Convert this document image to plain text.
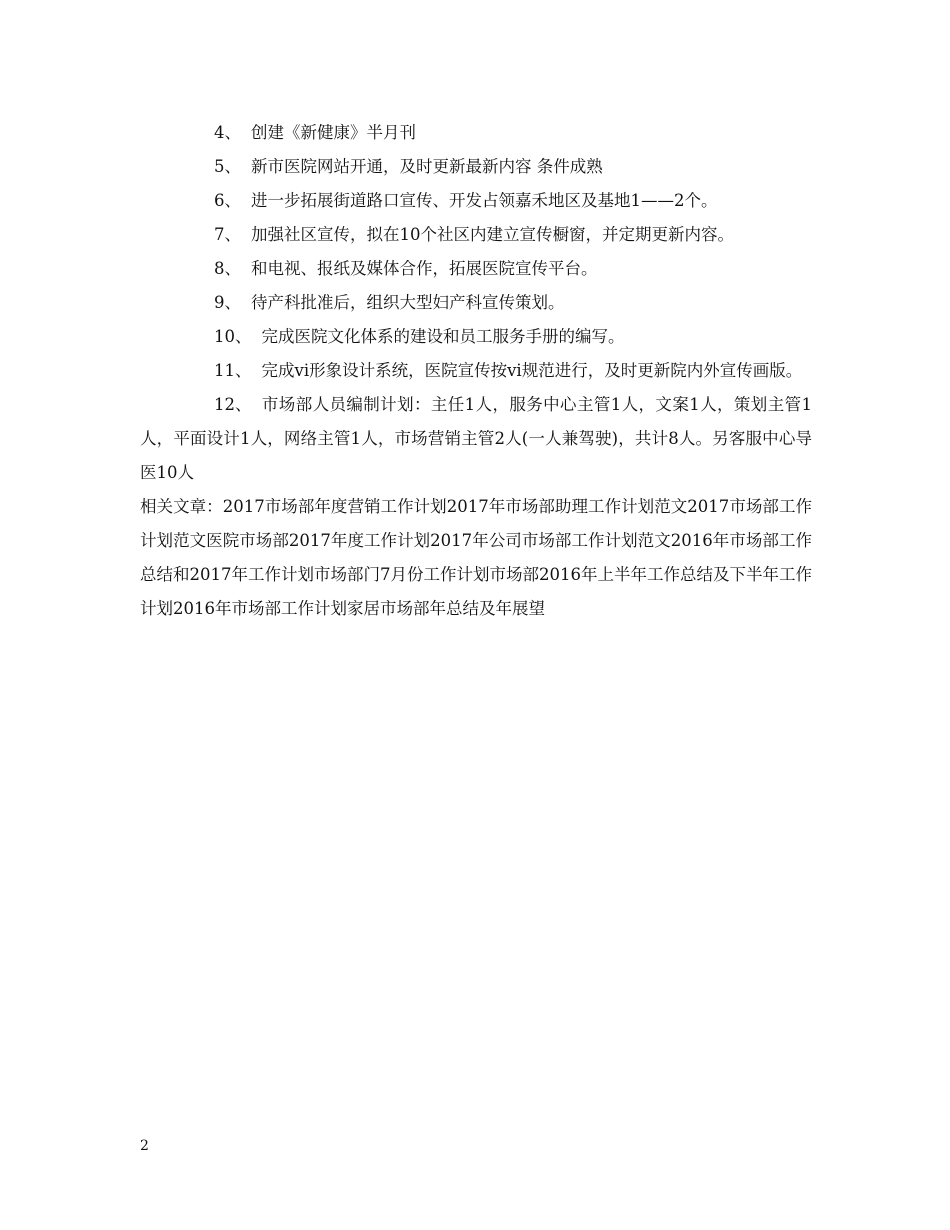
4、 创建《新健康》半月刊

5、 新市医院网站开通，及时更新最新内容 条件成熟

6、 进一步拓展街道路口宣传、开发占领嘉禾地区及基地1——2个。

7、 加强社区宣传，拟在10个社区内建立宣传橱窗，并定期更新内容。

8、 和电视、报纸及媒体合作，拓展医院宣传平台。

9、 待产科批准后，组织大型妇产科宣传策划。

10、 完成医院文化体系的建设和员工服务手册的编写。

11、 完成vi形象设计系统，医院宣传按vi规范进行，及时更新院内外宣传画版。

12、 市场部人员编制计划：主任1人，服务中心主管1人，文案1人，策划主管1人，平面设计1人，网络主管1人，市场营销主管2人(一人兼驾驶)，共计8人。另客服中心导医10人

相关文章：2017市场部年度营销工作计划2017年市场部助理工作计划范文2017市场部工作计划范文医院市场部2017年度工作计划2017年公司市场部工作计划范文2016年市场部工作总结和2017年工作计划市场部门7月份工作计划市场部2016年上半年工作总结及下半年工作计划2016年市场部工作计划家居市场部年总结及年展望

2
